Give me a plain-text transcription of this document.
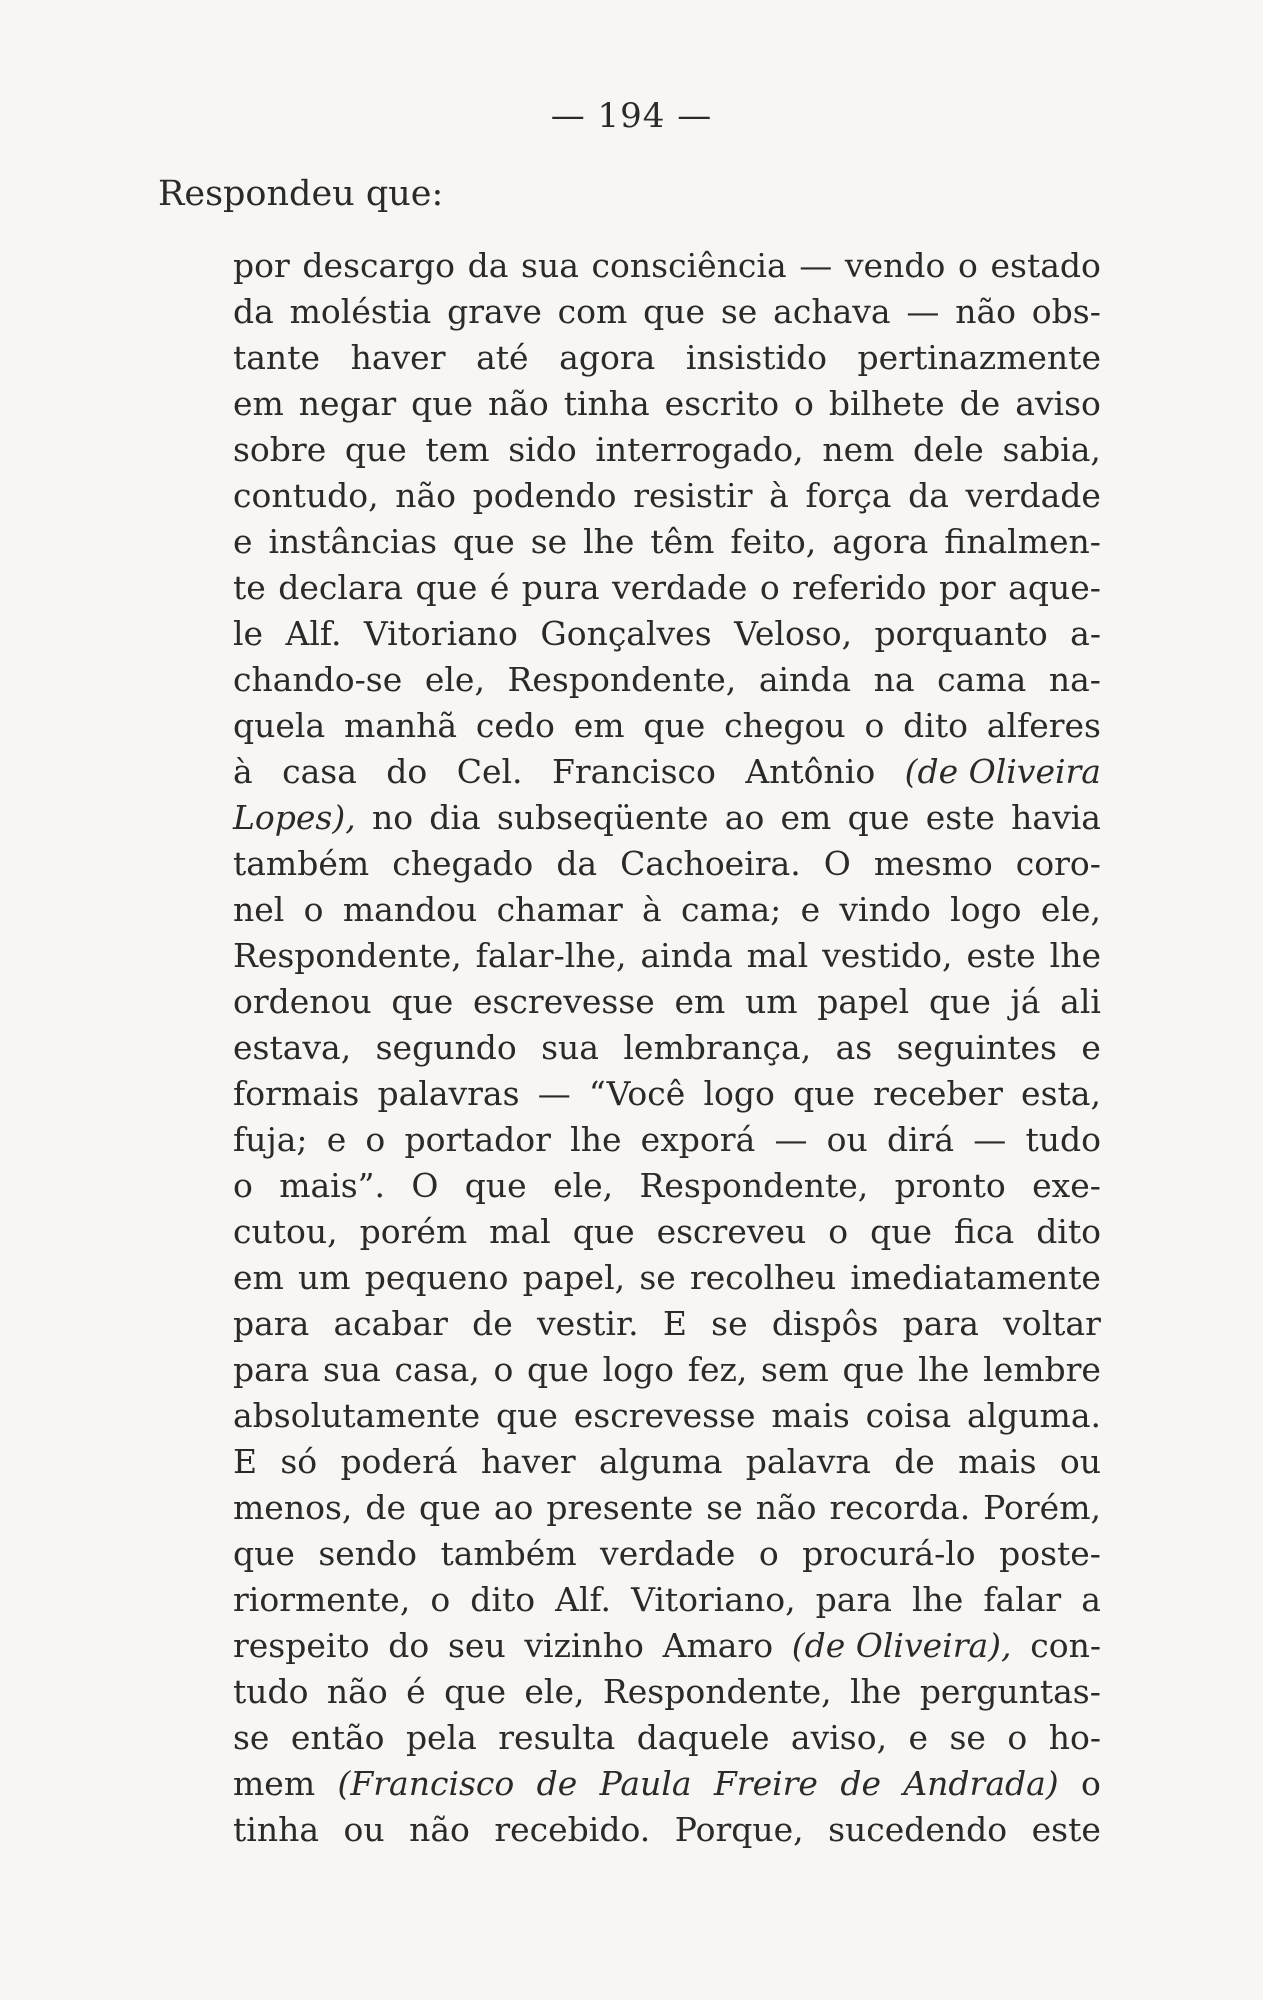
— 194 —
Respondeu que:
por descargo da sua consciência — vendo o estado
da moléstia grave com que se achava — não obs-
tante haver até agora insistido pertinazmente
em negar que não tinha escrito o bilhete de aviso
sobre que tem sido interrogado, nem dele sabia,
contudo, não podendo resistir à força da verdade
e instâncias que se lhe têm feito, agora finalmen-
te declara que é pura verdade o referido por aque-
le Alf. Vitoriano Gonçalves Veloso, porquanto a-
chando-se ele, Respondente, ainda na cama na-
quela manhã cedo em que chegou o dito alferes
à casa do Cel. Francisco Antônio (de Oliveira
Lopes), no dia subseqüente ao em que este havia
também chegado da Cachoeira. O mesmo coro-
nel o mandou chamar à cama; e vindo logo ele,
Respondente, falar-lhe, ainda mal vestido, este lhe
ordenou que escrevesse em um papel que já ali
estava, segundo sua lembrança, as seguintes e
formais palavras — “Você logo que receber esta,
fuja; e o portador lhe exporá — ou dirá — tudo
o mais”. O que ele, Respondente, pronto exe-
cutou, porém mal que escreveu o que fica dito
em um pequeno papel, se recolheu imediatamente
para acabar de vestir. E se dispôs para voltar
para sua casa, o que logo fez, sem que lhe lembre
absolutamente que escrevesse mais coisa alguma.
E só poderá haver alguma palavra de mais ou
menos, de que ao presente se não recorda. Porém,
que sendo também verdade o procurá-lo poste-
riormente, o dito Alf. Vitoriano, para lhe falar a
respeito do seu vizinho Amaro (de Oliveira), con-
tudo não é que ele, Respondente, lhe perguntas-
se então pela resulta daquele aviso, e se o ho-
mem (Francisco de Paula Freire de Andrada) o
tinha ou não recebido. Porque, sucedendo este
